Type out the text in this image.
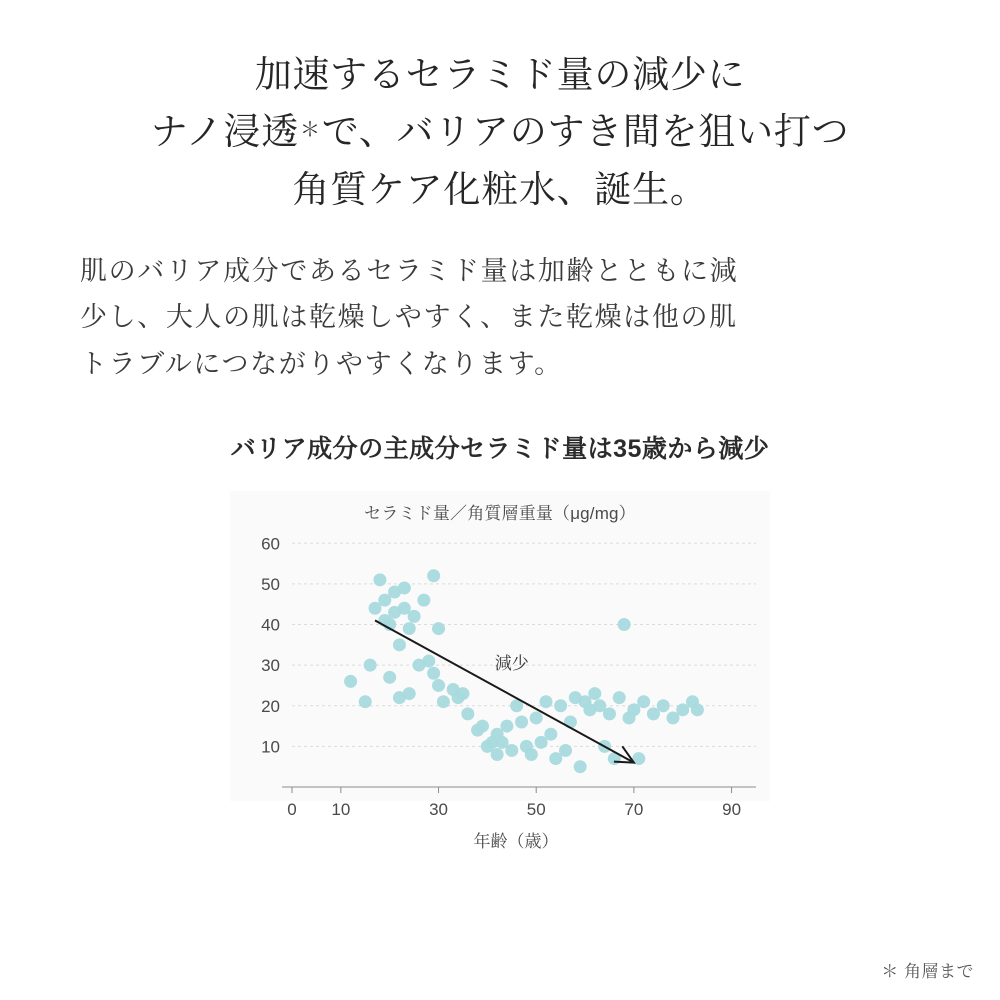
加速するセラミド量の減少に
ナノ浸透＊で、バリアのすき間を狙い打つ
角質ケア化粧水、誕生。
肌のバリア成分であるセラミド量は加齢とともに減
少し、大人の肌は乾燥しやすく、また乾燥は他の肌
トラブルにつながりやすくなります。
バリア成分の主成分セラミド量は35歳から減少
セラミド量／角質層重量（μg/mg）
10
20
30
40
50
60
0 10	30	50	70	90
減少
年齢（歳）
＊ 角層まで
